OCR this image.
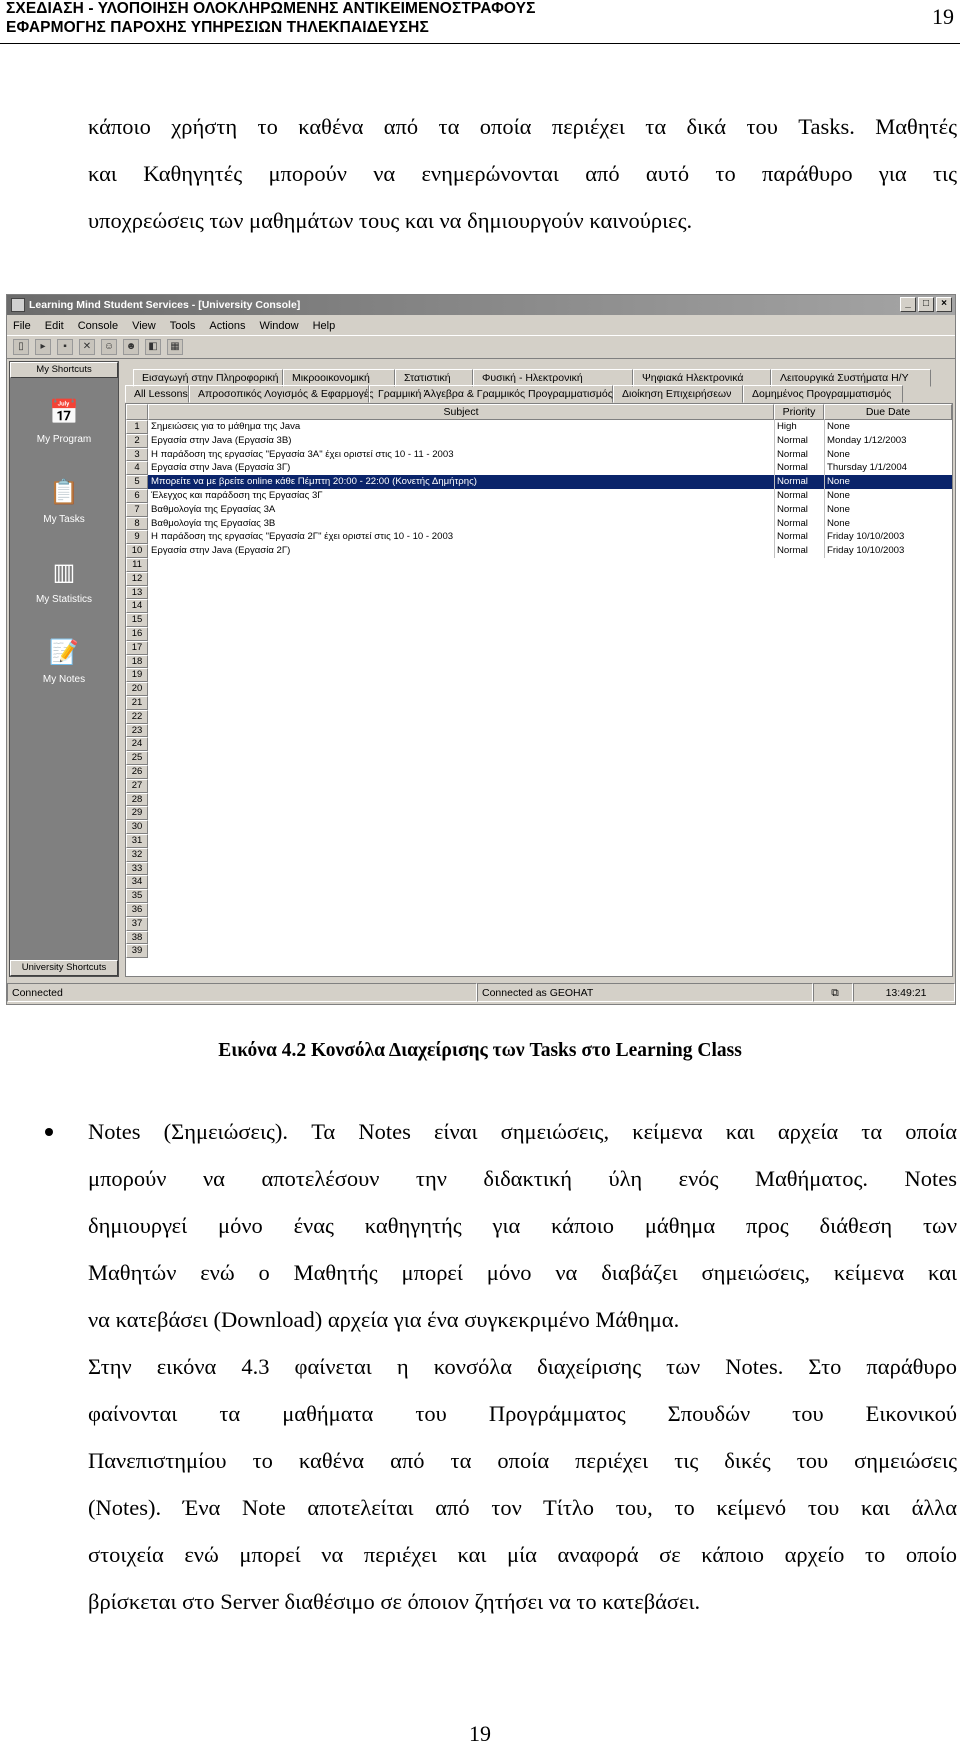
ΣΧΕΔΙΑΣΗ - ΥΛΟΠΟΙΗΣΗ ΟΛΟΚΛΗΡΩΜΕΝΗΣ ΑΝΤΙΚΕΙΜΕΝΟΣΤΡΑΦΟΥΣ
ΕΦΑΡΜΟΓΗΣ ΠΑΡΟΧΗΣ ΥΠΗΡΕΣΙΩΝ ΤΗΛΕΚΠΑΙΔΕΥΣΗΣ	19
κάποιο χρήστη το καθένα από τα οποία περιέχει τα δικά του Tasks. Μαθητές
και Καθηγητές μπορούν να ενημερώνονται από αυτό το παράθυρο για τις
υποχρεώσεις των μαθημάτων τους και να δημιουργούν καινούριες.
Learning Mind Student Services - [University Console]	_	□	×
File Edit Console View Tools Actions Window Help
▯	▸	▪	✕	☺ ☻	◧	▦
My Shortcuts
📅
My Program
📋
My Tasks
▥
My Statistics
📝
My Notes
University Shortcuts
Εισαγωγή στην Πληροφορική	Μικροοικονομική	Στατιστική	Φυσική - Ηλεκτρονική	Ψηφιακά Ηλεκτρονικά	Λειτουργικά Συστήματα Η/Υ
All Lessons Απροσοπικός Λογισμός & Εφαρμογές Γραμμική Άλγεβρα & Γραμμικός Προγραμματισμός Διοίκηση Επιχειρήσεων	Δομημένος Προγραμματισμός
Subject	Priority	Due Date
1	Σημειώσεις για το μάθημα της Java	High	None
2	Εργασία στην Java (Εργασία 3Β)	Normal	Monday 1/12/2003
3	Η παράδοση της εργασίας "Εργασία 3Α" έχει οριστεί στις 10 - 11 - 2003	Normal	None
4	Εργασία στην Java (Εργασία 3Γ)	Normal	Thursday 1/1/2004
5	Μπορείτε να με βρείτε online κάθε Πέμπτη 20:00 - 22:00 (Κονετής Δημήτρης)	Normal	None
6	Έλεγχος και παράδοση της Εργασίας 3Γ	Normal	None
7	Βαθμολογία της Εργασίας 3Α	Normal	None
8	Βαθμολογία της Εργασίας 3Β	Normal	None
9	Η παράδοση της εργασίας "Εργασία 2Γ" έχει οριστεί στις 10 - 10 - 2003	Normal	Friday 10/10/2003
10 Εργασία στην Java (Εργασία 2Γ)	Normal	Friday 10/10/2003
11
12
13
14
15
16
17
18
19
20
21
22
23
24
25
26
27
28
29
30
31
32
33
34
35
36
37
38
39
Connected	Connected as GEOHAT	⧉	13:49:21
Εικόνα 4.2 Κονσόλα Διαχείρισης των Tasks στο Learning Class
Notes (Σημειώσεις). Τα Notes είναι σημειώσεις, κείμενα και αρχεία τα οποία
μπορούν να αποτελέσουν την διδακτική ύλη ενός Μαθήματος. Notes
δημιουργεί μόνο ένας καθηγητής για κάποιο μάθημα προς διάθεση των
Μαθητών ενώ ο Μαθητής μπορεί μόνο να διαβάζει σημειώσεις, κείμενα και
να κατεβάσει (Download) αρχεία για ένα συγκεκριμένο Μάθημα.
Στην εικόνα 4.3 φαίνεται η κονσόλα διαχείρισης των Notes. Στο παράθυρο
φαίνονται τα μαθήματα του Προγράμματος Σπουδών του Εικονικού
Πανεπιστημίου το καθένα από τα οποία περιέχει τις δικές του σημειώσεις
(Notes). Ένα Note αποτελείται από τον Τίτλο του, το κείμενό του και άλλα
στοιχεία ενώ μπορεί να περιέχει και μία αναφορά σε κάποιο αρχείο το οποίο
βρίσκεται στο Server διαθέσιμο σε όποιον ζητήσει να το κατεβάσει.
19
